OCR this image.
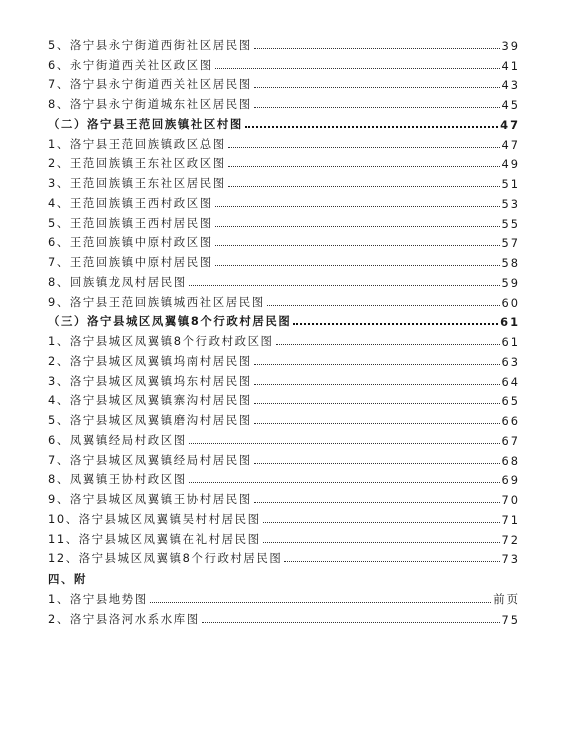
5、洛宁县永宁街道西街社区居民图	39
6、永宁街道西关社区政区图	41
7、洛宁县永宁街道西关社区居民图	43
8、洛宁县永宁街道城东社区居民图	45
（二）洛宁县王范回族镇社区村图	47
1、洛宁县王范回族镇政区总图	47
2、王范回族镇王东社区政区图	49
3、王范回族镇王东社区居民图	51
4、王范回族镇王西村政区图	53
5、王范回族镇王西村居民图	55
6、王范回族镇中原村政区图	57
7、王范回族镇中原村居民图	58
8、回族镇龙凤村居民图	59
9、洛宁县王范回族镇城西社区居民图	60
（三）洛宁县城区凤翼镇8个行政村居民图	61
1、洛宁县城区凤翼镇8个行政村政区图	61
2、洛宁县城区凤翼镇坞南村居民图	63
3、洛宁县城区凤翼镇坞东村居民图	64
4、洛宁县城区凤翼镇寨沟村居民图	65
5、洛宁县城区凤翼镇磨沟村居民图	66
6、凤翼镇经局村政区图	67
7、洛宁县城区凤翼镇经局村居民图	68
8、凤翼镇王协村政区图	69
9、洛宁县城区凤翼镇王协村居民图	70
10、洛宁县城区凤翼镇吴村村居民图	71
11、洛宁县城区凤翼镇在礼村居民图	72
12、洛宁县城区凤翼镇8个行政村居民图	73
四、附
1、洛宁县地势图	前页
2、洛宁县洛河水系水库图	75
